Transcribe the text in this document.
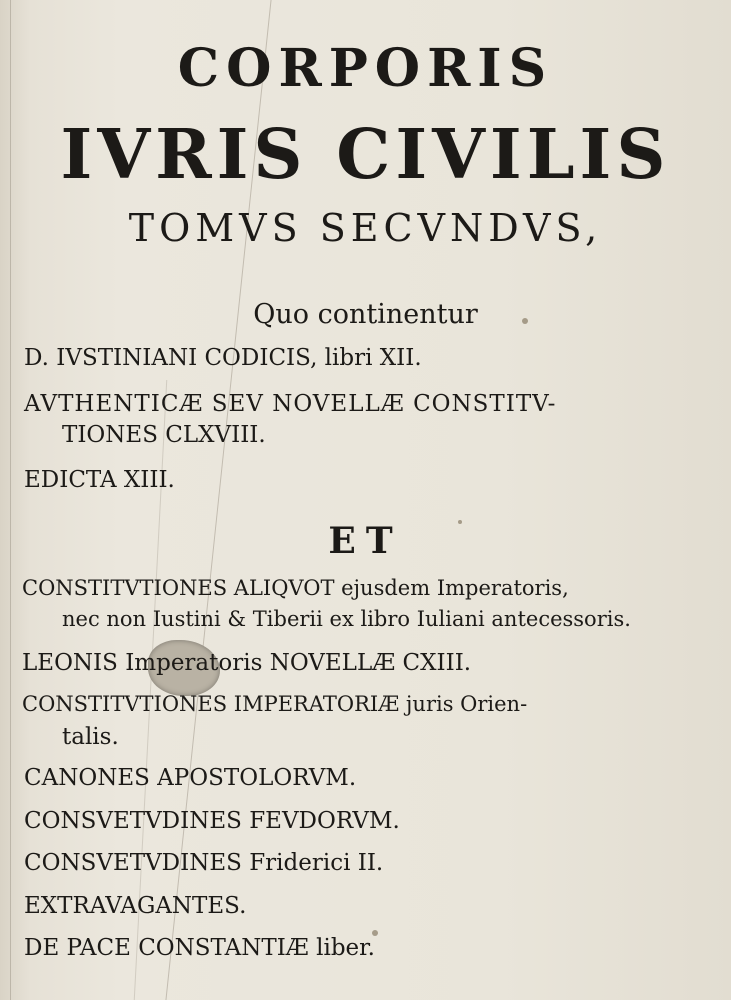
CORPORIS
IVRIS CIVILIS
TOMVS SECVNDVS,
Quo continentur
D. IVSTINIANI CODICIS, libri XII.
AVTHENTICÆ SEV NOVELLÆ CONSTITV-
TIONES CLXVIII.
EDICTA XIII.
ET
CONSTITVTIONES ALIQVOT ejusdem Imperatoris,
nec non Iustini & Tiberii ex libro Iuliani antecessoris.
LEONIS Imperatoris NOVELLÆ CXIII.
CONSTITVTIONES IMPERATORIÆ juris Orien-
talis.
CANONES APOSTOLORVM.
CONSVETVDINES FEVDORVM.
CONSVETVDINES Friderici II.
EXTRAVAGANTES.
DE PACE CONSTANTIÆ liber.
